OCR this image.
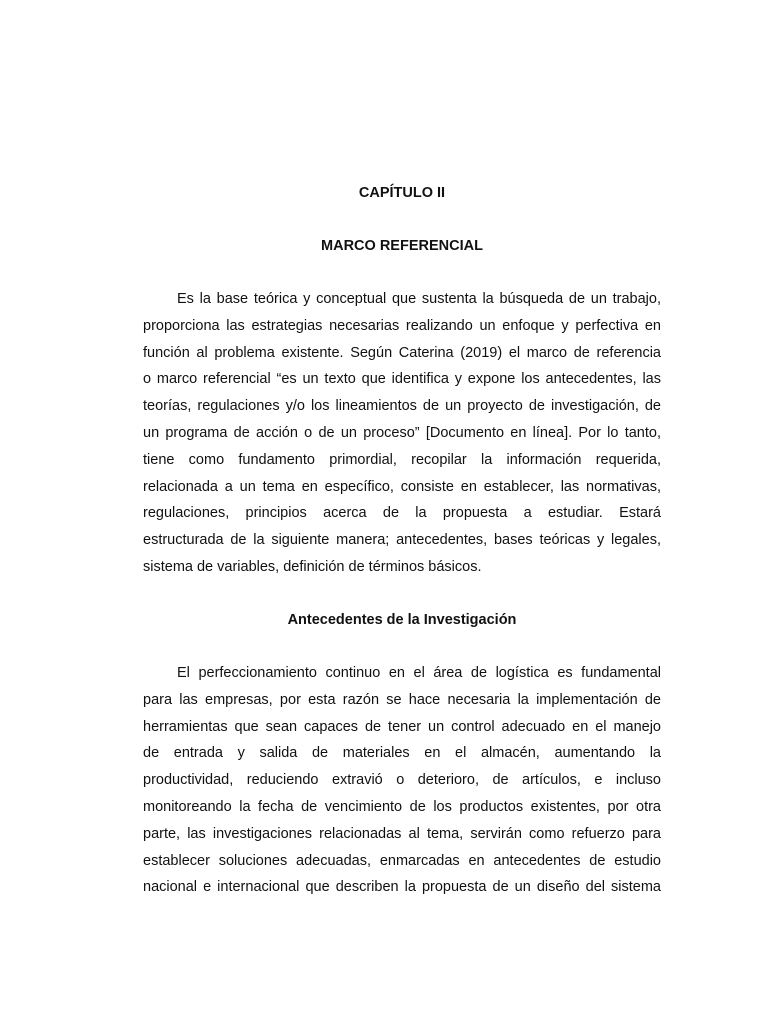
CAPÍTULO II
MARCO REFERENCIAL
Es la base teórica y conceptual que sustenta la búsqueda de un trabajo,
proporciona las estrategias necesarias realizando un enfoque y perfectiva en
función al problema existente. Según Caterina (2019) el marco de referencia
o marco referencial “es un texto que identifica y expone los antecedentes, las
teorías, regulaciones y/o los lineamientos de un proyecto de investigación, de
un programa de acción o de un proceso” [Documento en línea]. Por lo tanto,
tiene como fundamento primordial, recopilar la información requerida,
relacionada a un tema en específico, consiste en establecer, las normativas,
regulaciones, principios acerca de la propuesta a estudiar. Estará
estructurada de la siguiente manera; antecedentes, bases teóricas y legales,
sistema de variables, definición de términos básicos.
Antecedentes de la Investigación
El perfeccionamiento continuo en el área de logística es fundamental
para las empresas, por esta razón se hace necesaria la implementación de
herramientas que sean capaces de tener un control adecuado en el manejo
de entrada y salida de materiales en el almacén, aumentando la
productividad, reduciendo extravió o deterioro, de artículos, e incluso
monitoreando la fecha de vencimiento de los productos existentes, por otra
parte, las investigaciones relacionadas al tema, servirán como refuerzo para
establecer soluciones adecuadas, enmarcadas en antecedentes de estudio
nacional e internacional que describen la propuesta de un diseño del sistema
